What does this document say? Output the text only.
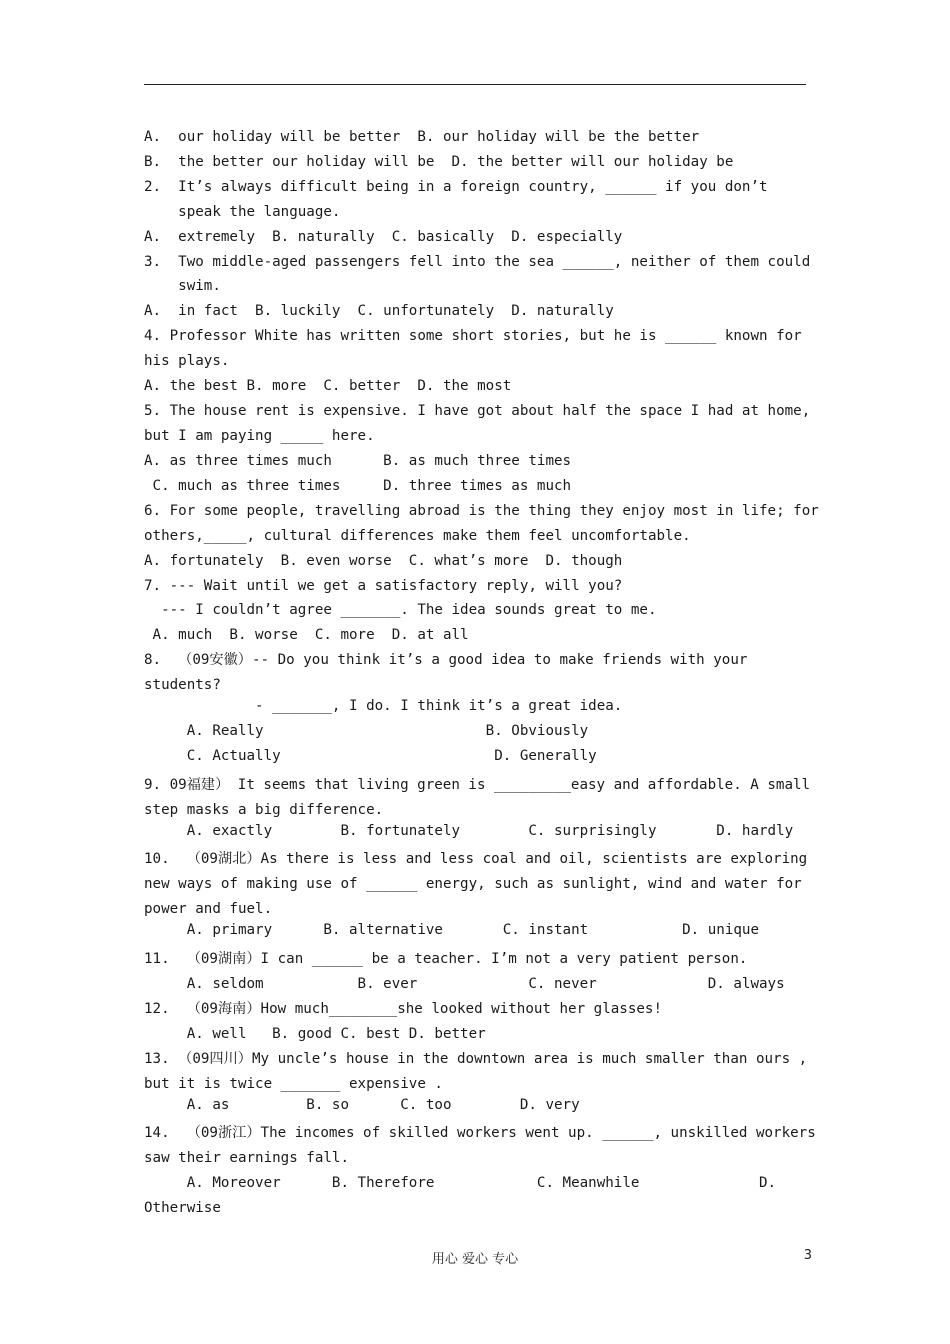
A.  our holiday will be better  B. our holiday will be the better
B.  the better our holiday will be  D. the better will our holiday be
2.  It’s always difficult being in a foreign country, ______ if you don’t
speak the language.
A.  extremely  B. naturally  C. basically  D. especially
3.  Two middle-aged passengers fell into the sea ______, neither of them could
swim.
A.  in fact  B. luckily  C. unfortunately  D. naturally
4. Professor White has written some short stories, but he is ______ known for
his plays.
A. the best B. more  C. better  D. the most
5. The house rent is expensive. I have got about half the space I had at home,
but I am paying _____ here.
A. as three times much      B. as much three times
C. much as three times     D. three times as much
6. For some people, travelling abroad is the thing they enjoy most in life; for
others,_____, cultural differences make them feel uncomfortable.
A. fortunately  B. even worse  C. what’s more  D. though
7. --- Wait until we get a satisfactory reply, will you?
--- I couldn’t agree _______. The idea sounds great to me.
A. much  B. worse  C. more  D. at all
8.  （09安徽）-- Do you think it’s a good idea to make friends with your
students?
- _______, I do. I think it’s a great idea.
A. Really                          B. Obviously
C. Actually                         D. Generally
9. 09福建） It seems that living green is _________easy and affordable. A small
step masks a big difference.
A. exactly        B. fortunately        C. surprisingly       D. hardly
10.  （09湖北）As there is less and less coal and oil, scientists are exploring
new ways of making use of ______ energy, such as sunlight, wind and water for
power and fuel.
A. primary      B. alternative       C. instant           D. unique
11.  （09湖南）I can ______ be a teacher. I’m not a very patient person.
A. seldom           B. ever             C. never             D. always
12.  （09海南）How much________she looked without her glasses!
A. well   B. good C. best D. better
13. （09四川）My uncle’s house in the downtown area is much smaller than ours ,
but it is twice _______ expensive .
A. as         B. so      C. too        D. very
14.  （09浙江）The incomes of skilled workers went up. ______, unskilled workers
saw their earnings fall.
A. Moreover      B. Therefore            C. Meanwhile              D.
Otherwise
用心 爱心 专心	3
